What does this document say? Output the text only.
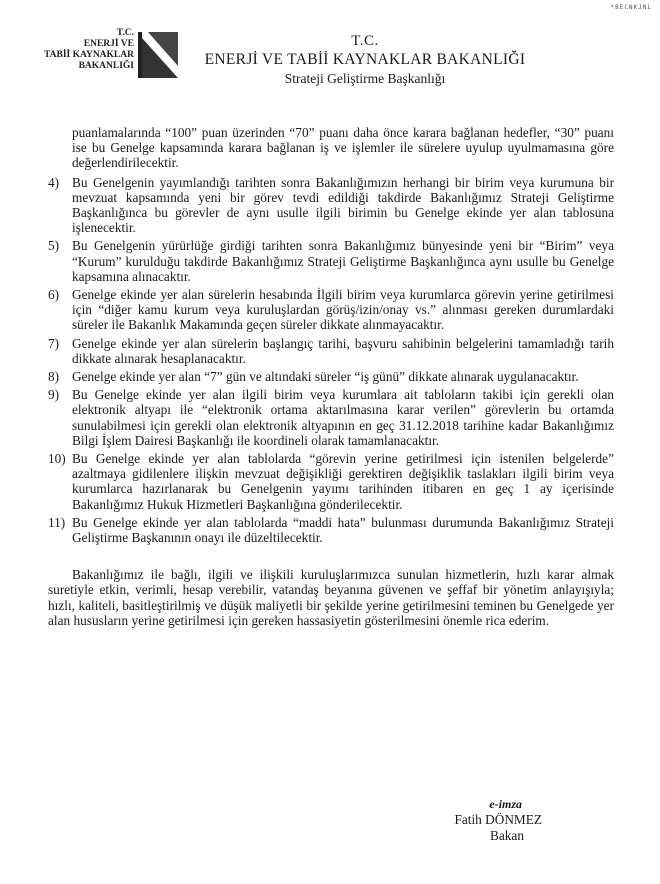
*BECNKJNL
T.C.
ENERJİ VE
TABİİ KAYNAKLAR
BAKANLIĞI
T.C.
ENERJİ VE TABİİ KAYNAKLAR BAKANLIĞI
Strateji Geliştirme Başkanlığı

puanlamalarında “100” puan üzerinden “70” puanı daha önce karara bağlanan hedefler, “30” puanı ise bu Genelge kapsamında karara bağlanan iş ve işlemler ile sürelere uyulup uyulmamasına göre değerlendirilecektir.

4) Bu Genelgenin yayımlandığı tarihten sonra Bakanlığımızın herhangi bir birim veya kurumuna bir mevzuat kapsamında yeni bir görev tevdi edildiği takdirde Bakanlığımız Strateji Geliştirme Başkanlığınca bu görevler de aynı usulle ilgili birimin bu Genelge ekinde yer alan tablosuna işlenecektir.
5) Bu Genelgenin yürürlüğe girdiği tarihten sonra Bakanlığımız bünyesinde yeni bir “Birim” veya “Kurum” kurulduğu takdirde Bakanlığımız Strateji Geliştirme Başkanlığınca aynı usulle bu Genelge kapsamına alınacaktır.
6) Genelge ekinde yer alan sürelerin hesabında İlgili birim veya kurumlarca görevin yerine getirilmesi için “diğer kamu kurum veya kuruluşlardan görüş/izin/onay vs.” alınması gereken durumlardaki süreler ile Bakanlık Makamında geçen süreler dikkate alınmayacaktır.
7) Genelge ekinde yer alan sürelerin başlangıç tarihi, başvuru sahibinin belgelerini tamamladığı tarih dikkate alınarak hesaplanacaktır.
8) Genelge ekinde yer alan “7” gün ve altındaki süreler “iş günü” dikkate alınarak uygulanacaktır.
9) Bu Genelge ekinde yer alan ilgili birim veya kurumlara ait tabloların takibi için gerekli olan elektronik altyapı ile “elektronik ortama aktarılmasına karar verilen” görevlerin bu ortamda sunulabilmesi için gerekli olan elektronik altyapının en geç 31.12.2018 tarihine kadar Bakanlığımız Bilgi İşlem Dairesi Başkanlığı ile koordineli olarak tamamlanacaktır.
10) Bu Genelge ekinde yer alan tablolarda “görevin yerine getirilmesi için istenilen belgelerde” azaltmaya gidilenlere ilişkin mevzuat değişikliği gerektiren değişiklik taslakları ilgili birim veya kurumlarca hazırlanarak bu Genelgenin yayımı tarihinden itibaren en geç 1 ay içerisinde Bakanlığımız Hukuk Hizmetleri Başkanlığına gönderilecektir.
11) Bu Genelge ekinde yer alan tablolarda “maddi hata” bulunması durumunda Bakanlığımız Strateji Geliştirme Başkanının onayı ile düzeltilecektir.

Bakanlığımız ile bağlı, ilgili ve ilişkili kuruluşlarımızca sunulan hizmetlerin, hızlı karar almak suretiyle etkin, verimli, hesap verebilir, vatandaş beyanına güvenen ve şeffaf bir yönetim anlayışıyla; hızlı, kaliteli, basitleştirilmiş ve düşük maliyetli bir şekilde yerine getirilmesini teminen bu Genelgede yer alan hususların yerine getirilmesi için gereken hassasiyetin gösterilmesini önemle rica ederim.

e-imza
Fatih DÖNMEZ
Bakan
